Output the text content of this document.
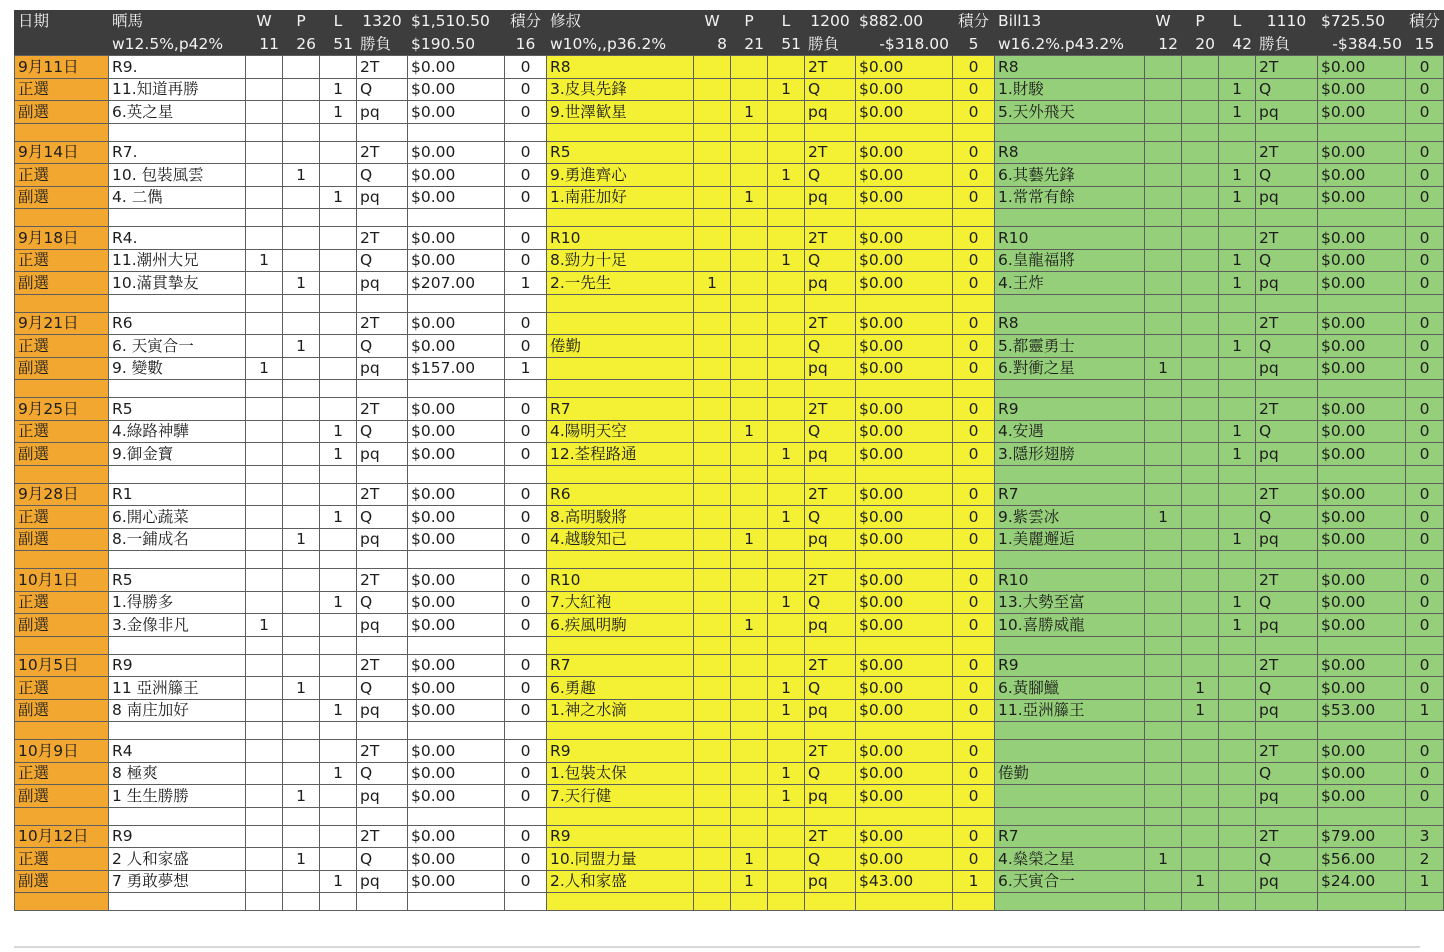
日期	晒馬	W	P	L	1320	$1,510.50	積分	修叔	W	P	L	1200	$882.00	積分	Bill13	W	P	L	1110	$725.50	積分
	w12.5%,p42%	11	26	51	勝負	$190.50	16	w10%,,p36.2%	8	21	51	勝負	-$318.00	5	w16.2%.p43.2%	12	20	42	勝負	-$384.50	15
9月11日	R9.				2T	$0.00	0	R8				2T	$0.00	0	R8				2T	$0.00	0
正選	11.知道再勝			1	Q	$0.00	0	3.皮具先鋒			1	Q	$0.00	0	1.財駿			1	Q	$0.00	0
副選	6.英之星			1	pq	$0.00	0	9.世澤歓星		1		pq	$0.00	0	5.天外飛天			1	pq	$0.00	0

9月14日	R7.				2T	$0.00	0	R5				2T	$0.00	0	R8				2T	$0.00	0
正選	10. 包裝風雲		1		Q	$0.00	0	9.勇進齊心			1	Q	$0.00	0	6.其藝先鋒			1	Q	$0.00	0
副選	4. 二儁			1	pq	$0.00	0	1.南莊加好		1		pq	$0.00	0	1.常常有餘			1	pq	$0.00	0

9月18日	R4.				2T	$0.00	0	R10				2T	$0.00	0	R10				2T	$0.00	0
正選	11.潮州大兄	1			Q	$0.00	0	8.勁力十足			1	Q	$0.00	0	6.皇龍福將			1	Q	$0.00	0
副選	10.滿貫摯友		1		pq	$207.00	1	2.一先生	1			pq	$0.00	0	4.王炸			1	pq	$0.00	0

9月21日	R6				2T	$0.00	0					2T	$0.00	0	R8				2T	$0.00	0
正選	6. 天寅合一		1		Q	$0.00	0	倦勤				Q	$0.00	0	5.都靈勇士			1	Q	$0.00	0
副選	9. 變數	1			pq	$157.00	1					pq	$0.00	0	6.對衝之星	1			pq	$0.00	0

9月25日	R5				2T	$0.00	0	R7				2T	$0.00	0	R9				2T	$0.00	0
正選	4.綠路神驊			1	Q	$0.00	0	4.陽明天空		1		Q	$0.00	0	4.安遇			1	Q	$0.00	0
副選	9.御金寶			1	pq	$0.00	0	12.荃程路通			1	pq	$0.00	0	3.隱形翅膀			1	pq	$0.00	0

9月28日	R1				2T	$0.00	0	R6				2T	$0.00	0	R7				2T	$0.00	0
正選	6.開心蔬菜			1	Q	$0.00	0	8.高明駿將			1	Q	$0.00	0	9.紫雲冰	1			Q	$0.00	0
副選	8.一鋪成名		1		pq	$0.00	0	4.越駿知己		1		pq	$0.00	0	1.美麗邂逅			1	pq	$0.00	0

10月1日	R5				2T	$0.00	0	R10				2T	$0.00	0	R10				2T	$0.00	0
正選	1.得勝多			1	Q	$0.00	0	7.大紅袍			1	Q	$0.00	0	13.大勢至富			1	Q	$0.00	0
副選	3.金像非凡	1			pq	$0.00	0	6.疾風明駒		1		pq	$0.00	0	10.喜勝威龍			1	pq	$0.00	0

10月5日	R9				2T	$0.00	0	R7				2T	$0.00	0	R9				2T	$0.00	0
正選	11 亞洲籐王		1		Q	$0.00	0	6.勇趣			1	Q	$0.00	0	6.黃腳鱲		1		Q	$0.00	0
副選	8 南庄加好			1	pq	$0.00	0	1.神之水滴			1	pq	$0.00	0	11.亞洲籐王		1		pq	$53.00	1

10月9日	R4				2T	$0.00	0	R9				2T	$0.00	0					2T	$0.00	0
正選	8 極爽			1	Q	$0.00	0	1.包裝太保			1	Q	$0.00	0	倦勤				Q	$0.00	0
副選	1 生生勝勝		1		pq	$0.00	0	7.天行健			1	pq	$0.00	0					pq	$0.00	0

10月12日	R9				2T	$0.00	0	R9				2T	$0.00	0	R7				2T	$79.00	3
正選	2 人和家盛		1		Q	$0.00	0	10.同盟力量		1		Q	$0.00	0	4.燊榮之星	1			Q	$56.00	2
副選	7 勇敢夢想			1	pq	$0.00	0	2.人和家盛		1		pq	$43.00	1	6.天寅合一		1		pq	$24.00	1
